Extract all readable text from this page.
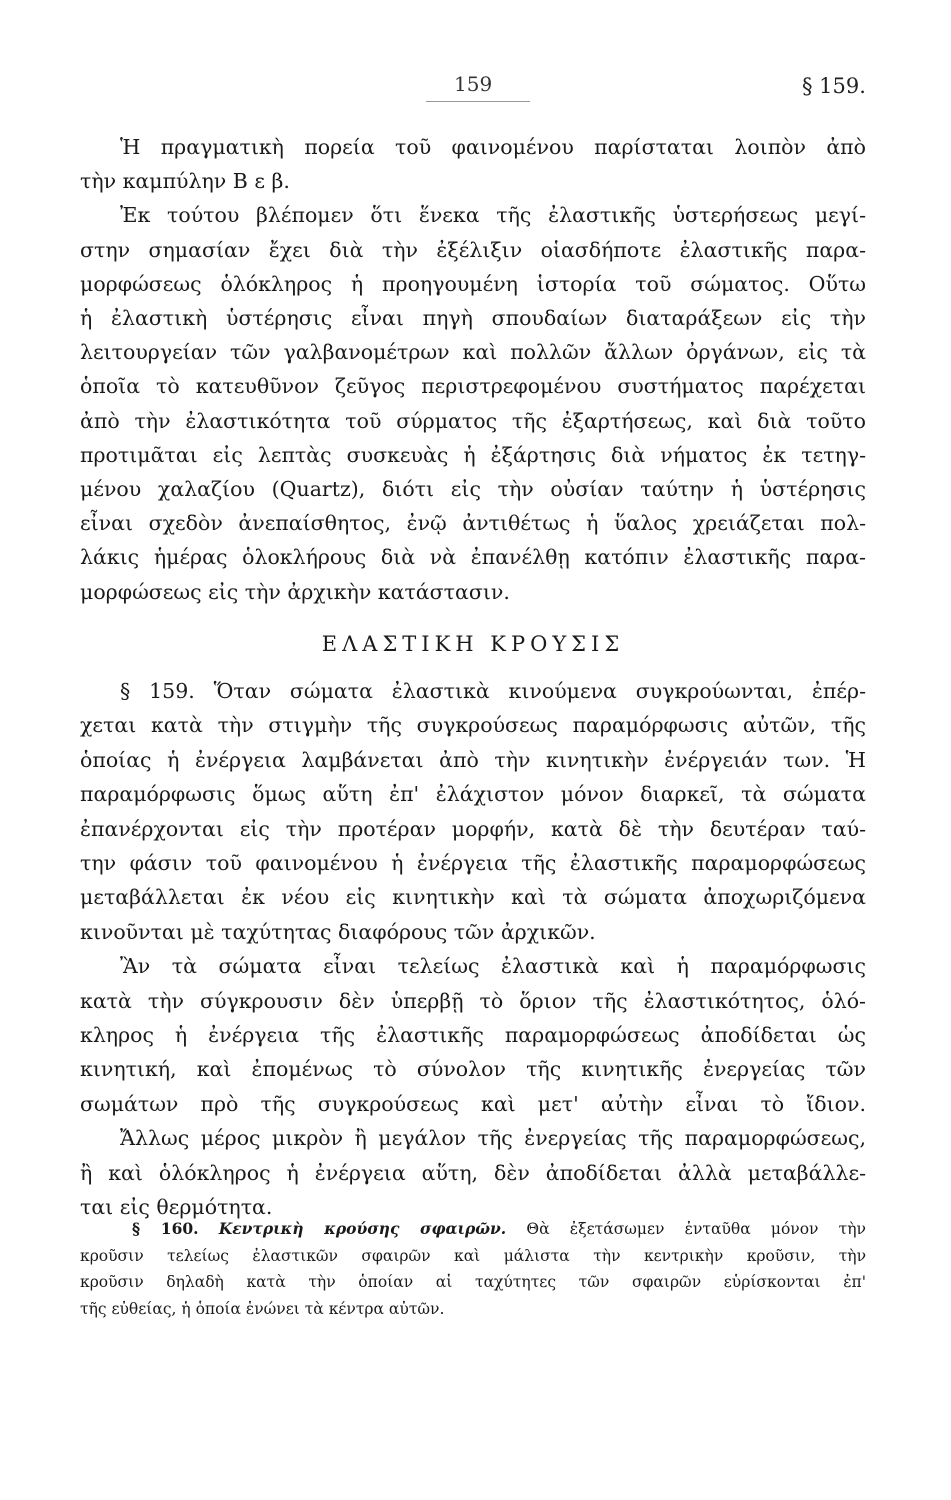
159	§ 159.
Ἡ πραγματικὴ πορεία τοῦ φαινομένου παρίσταται λοιπὸν ἀπὸ
τὴν καμπύλην Β ε β.
Ἐκ τούτου βλέπομεν ὅτι ἕνεκα τῆς ἐλαστικῆς ὑστερήσεως μεγί-
στην σημασίαν ἔχει διὰ τὴν ἐξέλιξιν οἱασδήποτε ἐλαστικῆς παρα-
μορφώσεως ὁλόκληρος ἡ προηγουμένη ἱστορία τοῦ σώματος. Οὕτω
ἡ ἐλαστικὴ ὑστέρησις εἶναι πηγὴ σπουδαίων διαταράξεων εἰς τὴν
λειτουργείαν τῶν γαλβανομέτρων καὶ πολλῶν ἄλλων ὀργάνων, εἰς τὰ
ὁποῖα τὸ κατευθῦνον ζεῦγος περιστρεφομένου συστήματος παρέχεται
ἀπὸ τὴν ἐλαστικότητα τοῦ σύρματος τῆς ἐξαρτήσεως, καὶ διὰ τοῦτο
προτιμᾶται εἰς λεπτὰς συσκευὰς ἡ ἐξάρτησις διὰ νήματος ἐκ τετηγ-
μένου χαλαζίου (Quartz), διότι εἰς τὴν οὐσίαν ταύτην ἡ ὑστέρησις
εἶναι σχεδὸν ἀνεπαίσθητος, ἐνῷ ἀντιθέτως ἡ ὕαλος χρειάζεται πολ-
λάκις ἡμέρας ὁλοκλήρους διὰ νὰ ἐπανέλθῃ κατόπιν ἐλαστικῆς παρα-
μορφώσεως εἰς τὴν ἀρχικὴν κατάστασιν.
ΕΛΑΣΤΙΚΗ ΚΡΟΥΣΙΣ
§ 159. Ὅταν σώματα ἐλαστικὰ κινούμενα συγκρούωνται, ἐπέρ-
χεται κατὰ τὴν στιγμὴν τῆς συγκρούσεως παραμόρφωσις αὐτῶν, τῆς
ὁποίας ἡ ἐνέργεια λαμβάνεται ἀπὸ τὴν κινητικὴν ἐνέργειάν των. Ἡ
παραμόρφωσις ὅμως αὕτη ἐπ' ἐλάχιστον μόνον διαρκεῖ, τὰ σώματα
ἐπανέρχονται εἰς τὴν προτέραν μορφήν, κατὰ δὲ τὴν δευτέραν ταύ-
την φάσιν τοῦ φαινομένου ἡ ἐνέργεια τῆς ἐλαστικῆς παραμορφώσεως
μεταβάλλεται ἐκ νέου εἰς κινητικὴν καὶ τὰ σώματα ἀποχωριζόμενα
κινοῦνται μὲ ταχύτητας διαφόρους τῶν ἀρχικῶν.
Ἂν τὰ σώματα εἶναι τελείως ἐλαστικὰ καὶ ἡ παραμόρφωσις
κατὰ τὴν σύγκρουσιν δὲν ὑπερβῇ τὸ ὅριον τῆς ἐλαστικότητος, ὁλό-
κληρος ἡ ἐνέργεια τῆς ἐλαστικῆς παραμορφώσεως ἀποδίδεται ὡς
κινητική, καὶ ἐπομένως τὸ σύνολον τῆς κινητικῆς ἐνεργείας τῶν
σωμάτων πρὸ τῆς συγκρούσεως καὶ μετ' αὐτὴν εἶναι τὸ ἴδιον.
Ἄλλως μέρος μικρὸν ἢ μεγάλον τῆς ἐνεργείας τῆς παραμορφώσεως,
ἢ καὶ ὁλόκληρος ἡ ἐνέργεια αὕτη, δὲν ἀποδίδεται ἀλλὰ μεταβάλλε-
ται εἰς θερμότητα.
§ 160. Κεντρικὴ κρούσης σφαιρῶν. Θὰ ἐξετάσωμεν ἐνταῦθα μόνον τὴν
κροῦσιν τελείως ἐλαστικῶν σφαιρῶν καὶ μάλιστα τὴν κεντρικὴν κροῦσιν, τὴν
κροῦσιν δηλαδὴ κατὰ τὴν ὁποίαν αἱ ταχύτητες τῶν σφαιρῶν εὑρίσκονται ἐπ'
τῆς εὐθείας, ἡ ὁποία ἑνώνει τὰ κέντρα αὐτῶν.
